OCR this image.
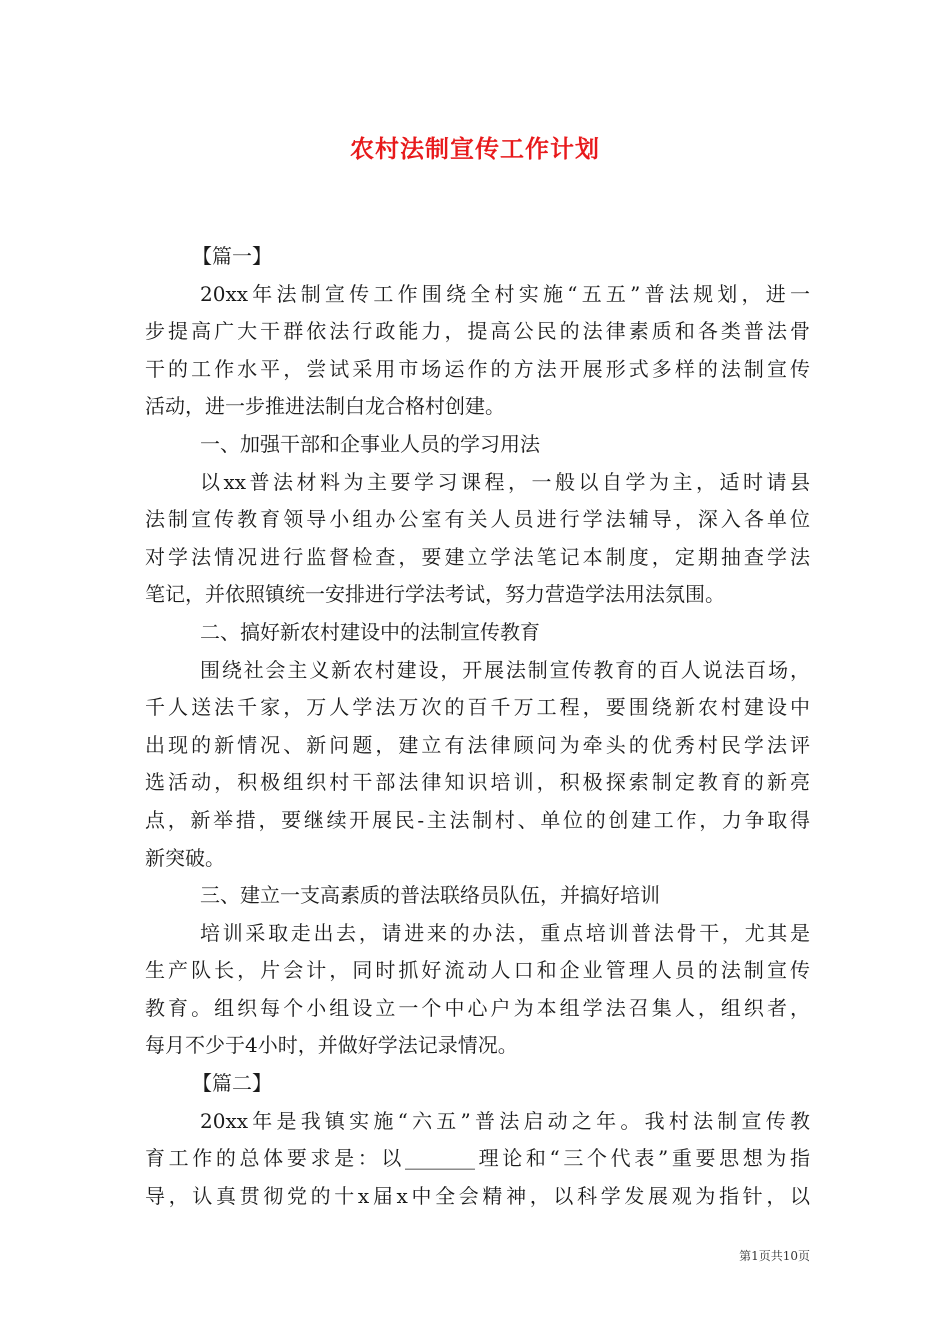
农村法制宣传工作计划
【篇一】
20xx年法制宣传工作围绕全村实施“五五”普法规划，进一
步提高广大干群依法行政能力，提高公民的法律素质和各类普法骨
干的工作水平，尝试采用市场运作的方法开展形式多样的法制宣传
活动，进一步推进法制白龙合格村创建。
一、加强干部和企事业人员的学习用法
以xx普法材料为主要学习课程，一般以自学为主，适时请县
法制宣传教育领导小组办公室有关人员进行学法辅导，深入各单位
对学法情况进行监督检查，要建立学法笔记本制度，定期抽查学法
笔记，并依照镇统一安排进行学法考试，努力营造学法用法氛围。
二、搞好新农村建设中的法制宣传教育
围绕社会主义新农村建设，开展法制宣传教育的百人说法百场，
千人送法千家，万人学法万次的百千万工程，要围绕新农村建设中
出现的新情况、新问题，建立有法律顾问为牵头的优秀村民学法评
选活动，积极组织村干部法律知识培训，积极探索制定教育的新亮
点，新举措，要继续开展民-主法制村、单位的创建工作，力争取得
新突破。
三、建立一支高素质的普法联络员队伍，并搞好培训
培训采取走出去，请进来的办法，重点培训普法骨干，尤其是
生产队长，片会计，同时抓好流动人口和企业管理人员的法制宣传
教育。组织每个小组设立一个中心户为本组学法召集人，组织者，
每月不少于4小时，并做好学法记录情况。
【篇二】
20xx年是我镇实施“六五”普法启动之年。我村法制宣传教
育工作的总体要求是：以_______理论和“三个代表”重要思想为指
导，认真贯彻党的十x届x中全会精神，以科学发展观为指针，以
第1页共10页
